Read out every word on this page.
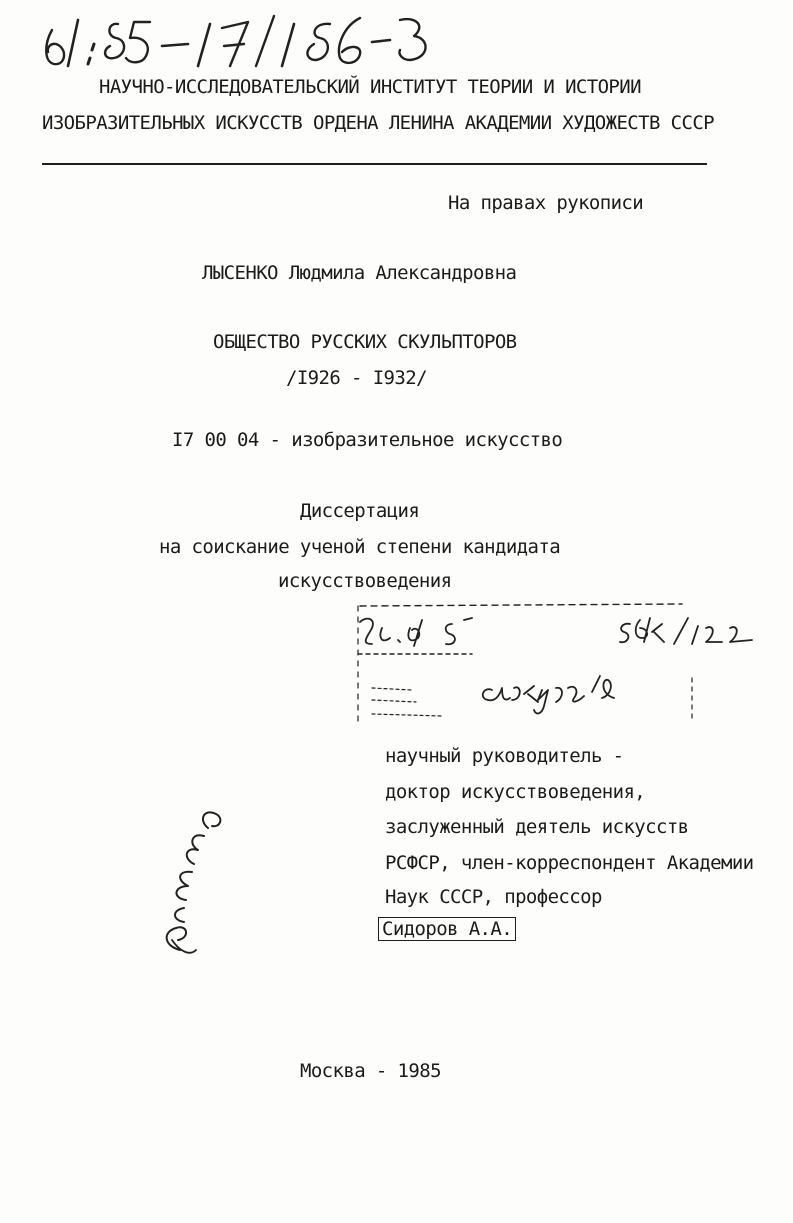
НАУЧНО-ИССЛЕДОВАТЕЛЬСКИЙ ИНСТИТУТ ТЕОРИИ И ИСТОРИИ
ИЗОБРАЗИТЕЛЬНЫХ ИСКУССТВ ОРДЕНА ЛЕНИНА АКАДЕМИИ ХУДОЖЕСТВ СССР
На правах рукописи
ЛЫСЕНКО Людмила Александровна
ОБЩЕСТВО РУССКИХ СКУЛЬПТОРОВ
/I926 - I932/
I7 00 04 - изобразительное искусство
Диссертация
на соискание ученой степени кандидата
искусствоведения
научный руководитель -
доктор искусствоведения,
заслуженный деятель искусств
РСФСР, член-корреспондент Академии
Наук СССР, профессор
Сидоров А.А.
Москва - 1985
